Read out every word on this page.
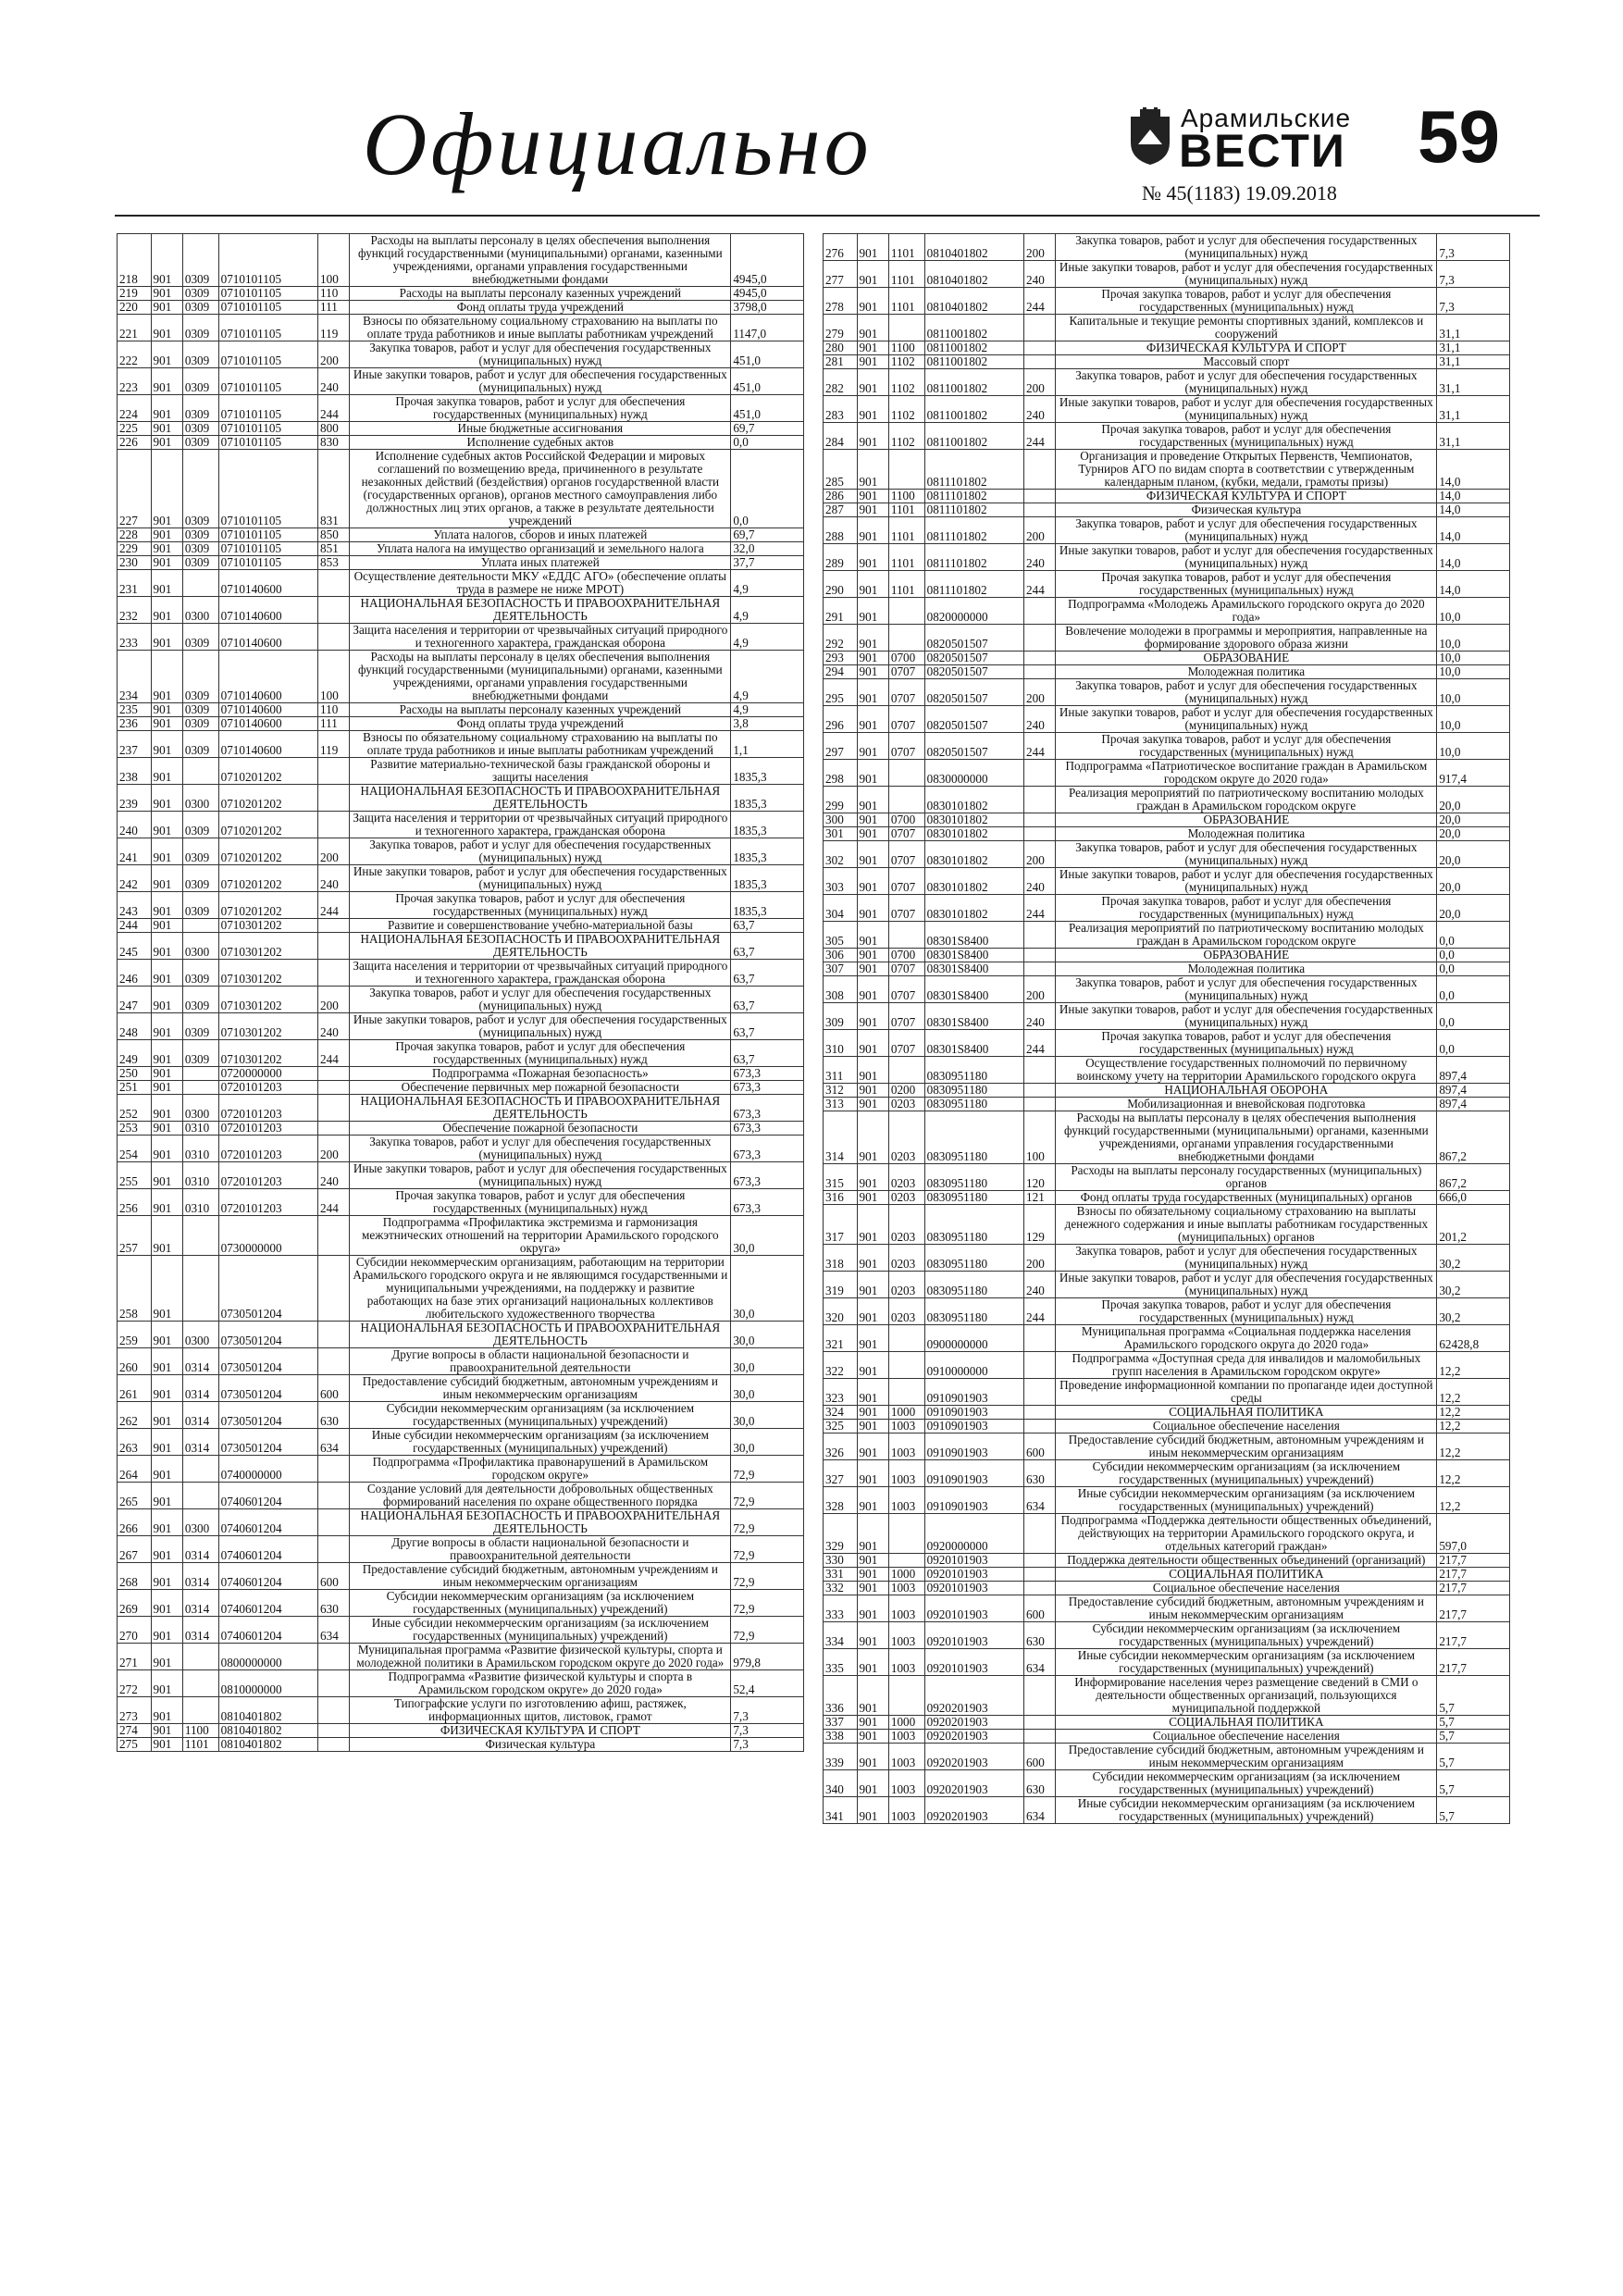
Официально	Арамильские
ВЕСТИ 59
№ 45(1183) 19.09.2018
218	901	0309	0710101105	100	Расходы на выплаты персоналу в целях обеспечения выполнения функций государственными (муниципальными) органами, казенными учреждениями, органами управления государственными внебюджетными фондами	4945,0
219	901	0309	0710101105	110	Расходы на выплаты персоналу казенных учреждений	4945,0
220	901	0309	0710101105	111	Фонд оплаты труда учреждений	3798,0
221	901	0309	0710101105	119	Взносы по обязательному социальному страхованию на выплаты по оплате труда работников и иные выплаты работникам учреждений	1147,0
222	901	0309	0710101105	200	Закупка товаров, работ и услуг для обеспечения государственных (муниципальных) нужд	451,0
223	901	0309	0710101105	240	Иные закупки товаров, работ и услуг для обеспечения государственных (муниципальных) нужд	451,0
224	901	0309	0710101105	244	Прочая закупка товаров, работ и услуг для обеспечения государственных (муниципальных) нужд	451,0
225	901	0309	0710101105	800	Иные бюджетные ассигнования	69,7
226	901	0309	0710101105	830	Исполнение судебных актов	0,0
227	901	0309	0710101105	831	Исполнение судебных актов Российской Федерации и мировых соглашений по возмещению вреда, причиненного в результате незаконных действий (бездействия) органов государственной власти (государственных органов), органов местного самоуправления либо должностных лиц этих органов, а также в результате деятельности учреждений	0,0
228	901	0309	0710101105	850	Уплата налогов, сборов и иных платежей	69,7
229	901	0309	0710101105	851	Уплата налога на имущество организаций и земельного налога	32,0
230	901	0309	0710101105	853	Уплата иных платежей	37,7
231	901		0710140600		Осуществление деятельности МКУ «ЕДДС АГО» (обеспечение оплаты труда в размере не ниже МРОТ)	4,9
232	901	0300	0710140600		НАЦИОНАЛЬНАЯ БЕЗОПАСНОСТЬ И ПРАВООХРАНИТЕЛЬНАЯ ДЕЯТЕЛЬНОСТЬ	4,9
233	901	0309	0710140600		Защита населения и территории от чрезвычайных ситуаций природного и техногенного характера, гражданская оборона	4,9
234	901	0309	0710140600	100	Расходы на выплаты персоналу в целях обеспечения выполнения функций государственными (муниципальными) органами, казенными учреждениями, органами управления государственными внебюджетными фондами	4,9
235	901	0309	0710140600	110	Расходы на выплаты персоналу казенных учреждений	4,9
236	901	0309	0710140600	111	Фонд оплаты труда учреждений	3,8
237	901	0309	0710140600	119	Взносы по обязательному социальному страхованию на выплаты по оплате труда работников и иные выплаты работникам учреждений	1,1
238	901		0710201202		Развитие материально-технической базы гражданской обороны и защиты населения	1835,3
239	901	0300	0710201202		НАЦИОНАЛЬНАЯ БЕЗОПАСНОСТЬ И ПРАВООХРАНИТЕЛЬНАЯ ДЕЯТЕЛЬНОСТЬ	1835,3
240	901	0309	0710201202		Защита населения и территории от чрезвычайных ситуаций природного и техногенного характера, гражданская оборона	1835,3
241	901	0309	0710201202	200	Закупка товаров, работ и услуг для обеспечения государственных (муниципальных) нужд	1835,3
242	901	0309	0710201202	240	Иные закупки товаров, работ и услуг для обеспечения государственных (муниципальных) нужд	1835,3
243	901	0309	0710201202	244	Прочая закупка товаров, работ и услуг для обеспечения государственных (муниципальных) нужд	1835,3
244	901		0710301202		Развитие и совершенствование учебно-материальной базы	63,7
245	901	0300	0710301202		НАЦИОНАЛЬНАЯ БЕЗОПАСНОСТЬ И ПРАВООХРАНИТЕЛЬНАЯ ДЕЯТЕЛЬНОСТЬ	63,7
246	901	0309	0710301202		Защита населения и территории от чрезвычайных ситуаций природного и техногенного характера, гражданская оборона	63,7
247	901	0309	0710301202	200	Закупка товаров, работ и услуг для обеспечения государственных (муниципальных) нужд	63,7
248	901	0309	0710301202	240	Иные закупки товаров, работ и услуг для обеспечения государственных (муниципальных) нужд	63,7
249	901	0309	0710301202	244	Прочая закупка товаров, работ и услуг для обеспечения государственных (муниципальных) нужд	63,7
250	901		0720000000		Подпрограмма «Пожарная безопасность»	673,3
251	901		0720101203		Обеспечение первичных мер пожарной безопасности	673,3
252	901	0300	0720101203		НАЦИОНАЛЬНАЯ БЕЗОПАСНОСТЬ И ПРАВООХРАНИТЕЛЬНАЯ ДЕЯТЕЛЬНОСТЬ	673,3
253	901	0310	0720101203		Обеспечение пожарной безопасности	673,3
254	901	0310	0720101203	200	Закупка товаров, работ и услуг для обеспечения государственных (муниципальных) нужд	673,3
255	901	0310	0720101203	240	Иные закупки товаров, работ и услуг для обеспечения государственных (муниципальных) нужд	673,3
256	901	0310	0720101203	244	Прочая закупка товаров, работ и услуг для обеспечения государственных (муниципальных) нужд	673,3
257	901		0730000000		Подпрограмма «Профилактика экстремизма и гармонизация межэтнических отношений на территории Арамильского городского округа»	30,0
258	901		0730501204		Субсидии некоммерческим организациям, работающим на территории Арамильского городского округа и не являющимся государственными и муниципальными учреждениями, на поддержку и развитие работающих на базе этих организаций национальных коллективов любительского художественного творчества	30,0
259	901	0300	0730501204		НАЦИОНАЛЬНАЯ БЕЗОПАСНОСТЬ И ПРАВООХРАНИТЕЛЬНАЯ ДЕЯТЕЛЬНОСТЬ	30,0
260	901	0314	0730501204		Другие вопросы в области национальной безопасности и правоохранительной деятельности	30,0
261	901	0314	0730501204	600	Предоставление субсидий бюджетным, автономным учреждениям и иным некоммерческим организациям	30,0
262	901	0314	0730501204	630	Субсидии некоммерческим организациям (за исключением государственных (муниципальных) учреждений)	30,0
263	901	0314	0730501204	634	Иные субсидии некоммерческим организациям (за исключением государственных (муниципальных) учреждений)	30,0
264	901		0740000000		Подпрограмма «Профилактика правонарушений в Арамильском городском округе»	72,9
265	901		0740601204		Создание условий для деятельности добровольных общественных формирований населения по охране общественного порядка	72,9
266	901	0300	0740601204		НАЦИОНАЛЬНАЯ БЕЗОПАСНОСТЬ И ПРАВООХРАНИТЕЛЬНАЯ ДЕЯТЕЛЬНОСТЬ	72,9
267	901	0314	0740601204		Другие вопросы в области национальной безопасности и правоохранительной деятельности	72,9
268	901	0314	0740601204	600	Предоставление субсидий бюджетным, автономным учреждениям и иным некоммерческим организациям	72,9
269	901	0314	0740601204	630	Субсидии некоммерческим организациям (за исключением государственных (муниципальных) учреждений)	72,9
270	901	0314	0740601204	634	Иные субсидии некоммерческим организациям (за исключением государственных (муниципальных) учреждений)	72,9
271	901		0800000000		Муниципальная программа «Развитие физической культуры, спорта и молодежной политики в Арамильском городском округе до 2020 года»	979,8
272	901		0810000000		Подпрограмма «Развитие физической культуры и спорта в Арамильском городском округе» до 2020 года»	52,4
273	901		0810401802		Типографские услуги по изготовлению афиш, растяжек, информационных щитов, листовок, грамот	7,3
274	901	1100	0810401802		ФИЗИЧЕСКАЯ КУЛЬТУРА И СПОРТ	7,3
275	901	1101	0810401802		Физическая культура	7,3
276	901	1101	0810401802	200	Закупка товаров, работ и услуг для обеспечения государственных (муниципальных) нужд	7,3
277	901	1101	0810401802	240	Иные закупки товаров, работ и услуг для обеспечения государственных (муниципальных) нужд	7,3
278	901	1101	0810401802	244	Прочая закупка товаров, работ и услуг для обеспечения государственных (муниципальных) нужд	7,3
279	901		0811001802		Капитальные и текущие ремонты спортивных зданий, комплексов и сооружений	31,1
280	901	1100	0811001802		ФИЗИЧЕСКАЯ КУЛЬТУРА И СПОРТ	31,1
281	901	1102	0811001802		Массовый спорт	31,1
282	901	1102	0811001802	200	Закупка товаров, работ и услуг для обеспечения государственных (муниципальных) нужд	31,1
283	901	1102	0811001802	240	Иные закупки товаров, работ и услуг для обеспечения государственных (муниципальных) нужд	31,1
284	901	1102	0811001802	244	Прочая закупка товаров, работ и услуг для обеспечения государственных (муниципальных) нужд	31,1
285	901		0811101802		Организация и проведение Открытых Первенств, Чемпионатов, Турниров АГО по видам спорта в соответствии с утвержденным календарным планом, (кубки, медали, грамоты призы)	14,0
286	901	1100	0811101802		ФИЗИЧЕСКАЯ КУЛЬТУРА И СПОРТ	14,0
287	901	1101	0811101802		Физическая культура	14,0
288	901	1101	0811101802	200	Закупка товаров, работ и услуг для обеспечения государственных (муниципальных) нужд	14,0
289	901	1101	0811101802	240	Иные закупки товаров, работ и услуг для обеспечения государственных (муниципальных) нужд	14,0
290	901	1101	0811101802	244	Прочая закупка товаров, работ и услуг для обеспечения государственных (муниципальных) нужд	14,0
291	901		0820000000		Подпрограмма «Молодежь Арамильского городского округа до 2020 года»	10,0
292	901		0820501507		Вовлечение молодежи в программы и мероприятия, направленные на формирование здорового образа жизни	10,0
293	901	0700	0820501507		ОБРАЗОВАНИЕ	10,0
294	901	0707	0820501507		Молодежная политика	10,0
295	901	0707	0820501507	200	Закупка товаров, работ и услуг для обеспечения государственных (муниципальных) нужд	10,0
296	901	0707	0820501507	240	Иные закупки товаров, работ и услуг для обеспечения государственных (муниципальных) нужд	10,0
297	901	0707	0820501507	244	Прочая закупка товаров, работ и услуг для обеспечения государственных (муниципальных) нужд	10,0
298	901		0830000000		Подпрограмма «Патриотическое воспитание граждан в Арамильском городском округе до 2020 года»	917,4
299	901		0830101802		Реализация мероприятий по патриотическому воспитанию молодых граждан в Арамильском городском округе	20,0
300	901	0700	0830101802		ОБРАЗОВАНИЕ	20,0
301	901	0707	0830101802		Молодежная политика	20,0
302	901	0707	0830101802	200	Закупка товаров, работ и услуг для обеспечения государственных (муниципальных) нужд	20,0
303	901	0707	0830101802	240	Иные закупки товаров, работ и услуг для обеспечения государственных (муниципальных) нужд	20,0
304	901	0707	0830101802	244	Прочая закупка товаров, работ и услуг для обеспечения государственных (муниципальных) нужд	20,0
305	901		08301S8400		Реализация мероприятий по патриотическому воспитанию молодых граждан в Арамильском городском округе	0,0
306	901	0700	08301S8400		ОБРАЗОВАНИЕ	0,0
307	901	0707	08301S8400		Молодежная политика	0,0
308	901	0707	08301S8400	200	Закупка товаров, работ и услуг для обеспечения государственных (муниципальных) нужд	0,0
309	901	0707	08301S8400	240	Иные закупки товаров, работ и услуг для обеспечения государственных (муниципальных) нужд	0,0
310	901	0707	08301S8400	244	Прочая закупка товаров, работ и услуг для обеспечения государственных (муниципальных) нужд	0,0
311	901		0830951180		Осуществление государственных полномочий по первичному воинскому учету на территории Арамильского городского округа	897,4
312	901	0200	0830951180		НАЦИОНАЛЬНАЯ ОБОРОНА	897,4
313	901	0203	0830951180		Мобилизационная и вневойсковая подготовка	897,4
314	901	0203	0830951180	100	Расходы на выплаты персоналу в целях обеспечения выполнения функций государственными (муниципальными) органами, казенными учреждениями, органами управления государственными внебюджетными фондами	867,2
315	901	0203	0830951180	120	Расходы на выплаты персоналу государственных (муниципальных) органов	867,2
316	901	0203	0830951180	121	Фонд оплаты труда государственных (муниципальных) органов	666,0
317	901	0203	0830951180	129	Взносы по обязательному социальному страхованию на выплаты денежного содержания и иные выплаты работникам государственных (муниципальных) органов	201,2
318	901	0203	0830951180	200	Закупка товаров, работ и услуг для обеспечения государственных (муниципальных) нужд	30,2
319	901	0203	0830951180	240	Иные закупки товаров, работ и услуг для обеспечения государственных (муниципальных) нужд	30,2
320	901	0203	0830951180	244	Прочая закупка товаров, работ и услуг для обеспечения государственных (муниципальных) нужд	30,2
321	901		0900000000		Муниципальная программа «Социальная поддержка населения Арамильского городского округа до 2020 года»	62428,8
322	901		0910000000		Подпрограмма «Доступная среда для инвалидов и маломобильных групп населения в Арамильском городском округе»	12,2
323	901		0910901903		Проведение информационной компании по пропаганде идеи доступной среды	12,2
324	901	1000	0910901903		СОЦИАЛЬНАЯ ПОЛИТИКА	12,2
325	901	1003	0910901903		Социальное обеспечение населения	12,2
326	901	1003	0910901903	600	Предоставление субсидий бюджетным, автономным учреждениям и иным некоммерческим организациям	12,2
327	901	1003	0910901903	630	Субсидии некоммерческим организациям (за исключением государственных (муниципальных) учреждений)	12,2
328	901	1003	0910901903	634	Иные субсидии некоммерческим организациям (за исключением государственных (муниципальных) учреждений)	12,2
329	901		0920000000		Подпрограмма «Поддержка деятельности общественных объединений, действующих на территории Арамильского городского округа, и отдельных категорий граждан»	597,0
330	901		0920101903		Поддержка деятельности общественных объединений (организаций)	217,7
331	901	1000	0920101903		СОЦИАЛЬНАЯ ПОЛИТИКА	217,7
332	901	1003	0920101903		Социальное обеспечение населения	217,7
333	901	1003	0920101903	600	Предоставление субсидий бюджетным, автономным учреждениям и иным некоммерческим организациям	217,7
334	901	1003	0920101903	630	Субсидии некоммерческим организациям (за исключением государственных (муниципальных) учреждений)	217,7
335	901	1003	0920101903	634	Иные субсидии некоммерческим организациям (за исключением государственных (муниципальных) учреждений)	217,7
336	901		0920201903		Информирование населения через размещение сведений в СМИ о деятельности общественных организаций, пользующихся муниципальной поддержкой	5,7
337	901	1000	0920201903		СОЦИАЛЬНАЯ ПОЛИТИКА	5,7
338	901	1003	0920201903		Социальное обеспечение населения	5,7
339	901	1003	0920201903	600	Предоставление субсидий бюджетным, автономным учреждениям и иным некоммерческим организациям	5,7
340	901	1003	0920201903	630	Субсидии некоммерческим организациям (за исключением государственных (муниципальных) учреждений)	5,7
341	901	1003	0920201903	634	Иные субсидии некоммерческим организациям (за исключением государственных (муниципальных) учреждений)	5,7
